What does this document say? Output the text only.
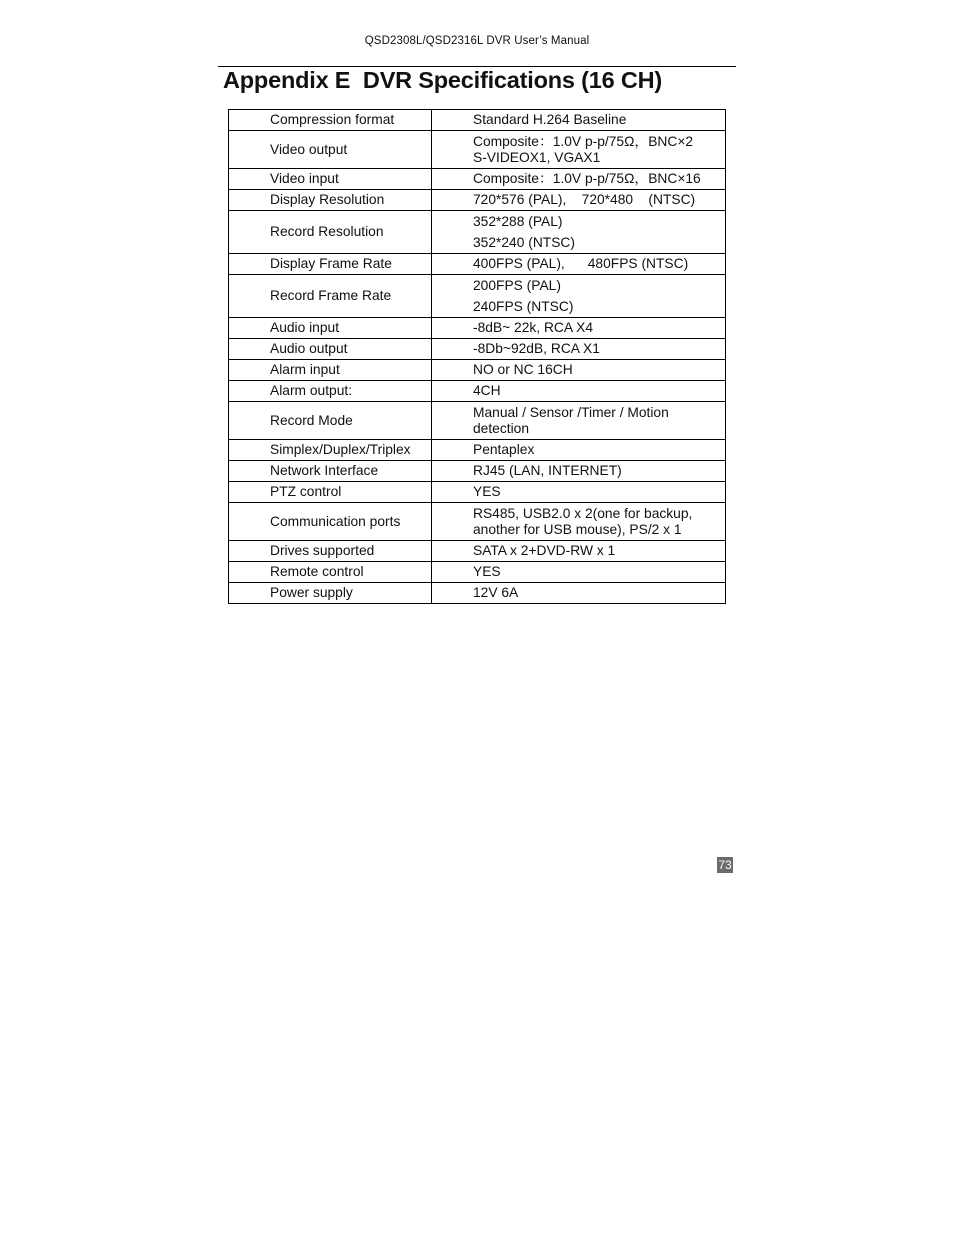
QSD2308L/QSD2316L DVR User’s Manual
Appendix E  DVR Specifications (16 CH)
Compression format	Standard H.264 Baseline

Video output	Composite：1.0V p-p/75Ω，BNC×2
S-VIDEOX1, VGAX1

Video input	Composite：1.0V p-p/75Ω，BNC×16

Display Resolution	720*576 (PAL),    720*480    (NTSC)

Record Resolution	352*288 (PAL)
352*240 (NTSC)

Display Frame Rate	400FPS (PAL),      480FPS (NTSC)

Record Frame Rate	200FPS (PAL)
240FPS (NTSC)

Audio input	-8dB~ 22k, RCA X4

Audio output	-8Db~92dB, RCA X1

Alarm input	NO or NC 16CH

Alarm output:	4CH

Record Mode	Manual / Sensor /Timer / Motion
detection

Simplex/Duplex/Triplex	Pentaplex

Network Interface	RJ45 (LAN, INTERNET)

PTZ control	YES

Communication ports	RS485, USB2.0 x 2(one for backup,
another for USB mouse), PS/2 x 1

Drives supported	SATA x 2+DVD-RW x 1

Remote control	YES

Power supply	12V 6A
73
